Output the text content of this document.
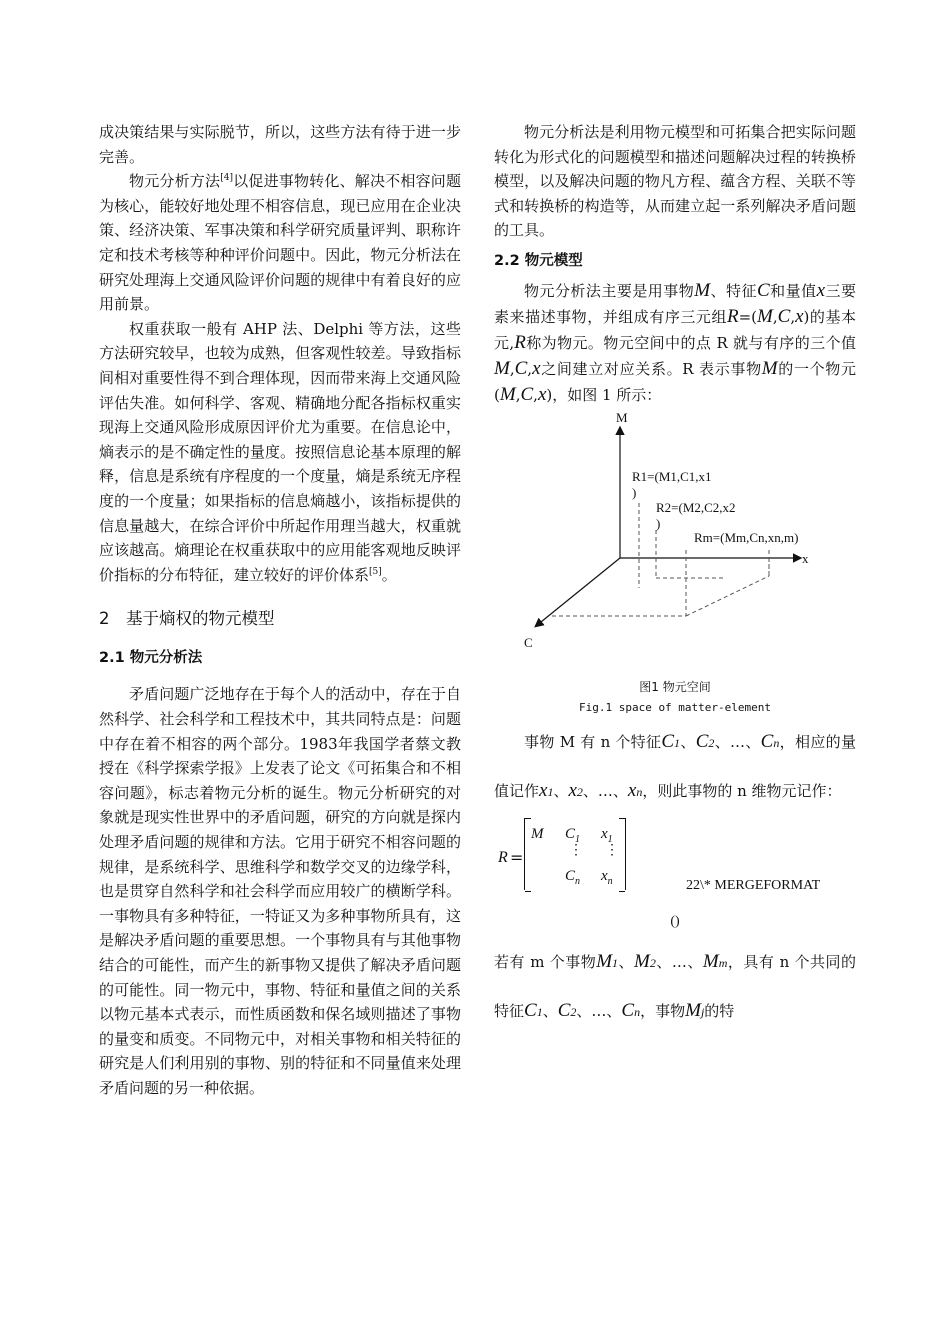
成决策结果与实际脱节，所以，这些方法有待于进一步完善。

物元分析方法[4]以促进事物转化、解决不相容问题为核心，能较好地处理不相容信息，现已应用在企业决策、经济决策、军事决策和科学研究质量评判、职称许定和技术考核等种种评价问题中。因此，物元分析法在研究处理海上交通风险评价问题的规律中有着良好的应用前景。

权重获取一般有 AHP 法、Delphi 等方法，这些方法研究较早，也较为成熟，但客观性较差。导致指标间相对重要性得不到合理体现，因而带来海上交通风险评估失准。如何科学、客观、精确地分配各指标权重实现海上交通风险形成原因评价尤为重要。在信息论中，熵表示的是不确定性的量度。按照信息论基本原理的解释，信息是系统有序程度的一个度量，熵是系统无序程度的一个度量；如果指标的信息熵越小，该指标提供的信息量越大，在综合评价中所起作用理当越大，权重就应该越高。熵理论在权重获取中的应用能客观地反映评价指标的分布特征，建立较好的评价体系[5]。

2　基于熵权的物元模型
2.1 物元分析法

矛盾问题广泛地存在于每个人的活动中，存在于自然科学、社会科学和工程技术中，其共同特点是：问题中存在着不相容的两个部分。1983年我国学者蔡文教授在《科学探索学报》上发表了论文《可拓集合和不相容问题》，标志着物元分析的诞生。物元分析研究的对象就是现实性世界中的矛盾问题，研究的方向就是探内处理矛盾问题的规律和方法。它用于研究不相容问题的规律，是系统科学、思维科学和数学交叉的边缘学科，也是贯穿自然科学和社会科学而应用较广的横断学科。一事物具有多种特征，一特证又为多种事物所具有，这是解决矛盾问题的重要思想。一个事物具有与其他事物结合的可能性，而产生的新事物又提供了解决矛盾问题的可能性。同一物元中，事物、特征和量值之间的关系以物元基本式表示，而性质函数和保名域则描述了事物的量变和质变。不同物元中，对相关事物和相关特征的研究是人们利用别的事物、别的特征和不同量值来处理矛盾问题的另一种依据。

物元分析法是利用物元模型和可拓集合把实际问题转化为形式化的问题模型和描述问题解决过程的转换桥模型，以及解决问题的物凡方程、蕴含方程、关联不等式和转换桥的构造等，从而建立起一系列解决矛盾问题的工具。

2.2 物元模型

物元分析法主要是用事物M、特征C和量值x三要素来描述事物，并组成有序三元组R=(M,C,x)的基本元,R称为物元。物元空间中的点 R 就与有序的三个值M,C,x之间建立对应关系。R 表示事物M的一个物元(M,C,x)，如图 1 所示：

M
x
C
R1=(M1,C1,x1
)
R2=(M2,C2,x2
)
Rm=(Mm,Cn,xn,m)
图1 物元空间
Fig.1 space of matter-element

事物 M 有 n 个特征C1、C2、…、Cn，相应的量值记作x1、x2、…、xn，则此事物的 n 维物元记作：

R =
M $C_1$ $x_1$
⋮ ⋮
$C_n$ $x_n$	22\* MERGEFORMAT
()

若有 m 个事物M1、M2、…、Mm，具有 n 个共同的特征C1、C2、…、Cn，事物Mj的特
